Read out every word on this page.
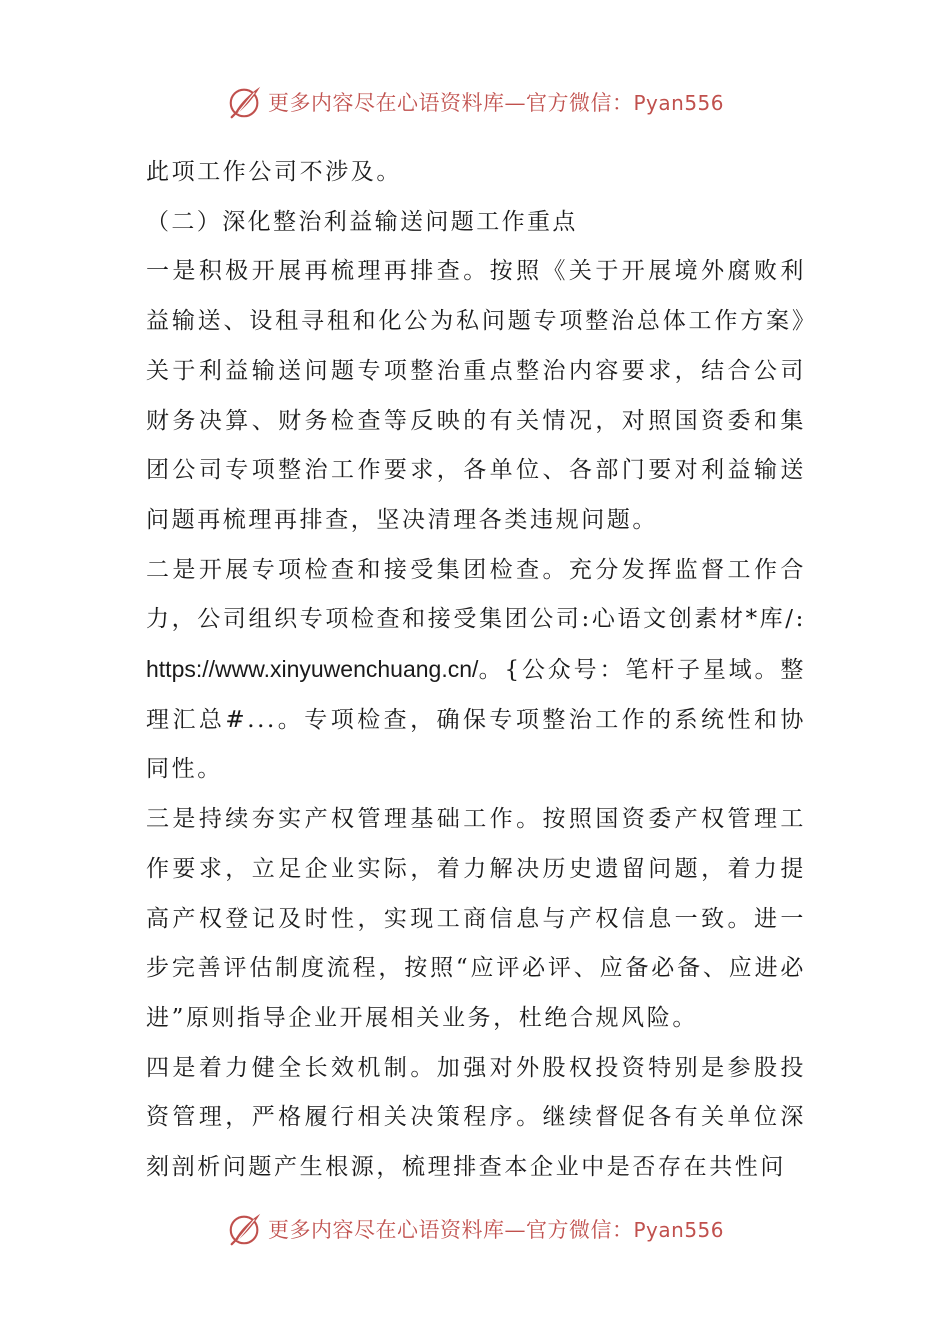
更多内容尽在心语资料库—官方微信：Pyan556

此项工作公司不涉及。

（二）深化整治利益输送问题工作重点

一是积极开展再梳理再排查。按照《关于开展境外腐败利益输送、设租寻租和化公为私问题专项整治总体工作方案》关于利益输送问题专项整治重点整治内容要求，结合公司财务决算、财务检查等反映的有关情况，对照国资委和集团公司专项整治工作要求，各单位、各部门要对利益输送问题再梳理再排查，坚决清理各类违规问题。

二是开展专项检查和接受集团检查。充分发挥监督工作合力，公司组织专项检查和接受集团公司:心语文创素材*库/:https://www.xinyuwenchuang.cn/。{公众号：笔杆子星域。整理汇总#...。专项检查，确保专项整治工作的系统性和协同性。

三是持续夯实产权管理基础工作。按照国资委产权管理工作要求，立足企业实际，着力解决历史遗留问题，着力提高产权登记及时性，实现工商信息与产权信息一致。进一步完善评估制度流程，按照“应评必评、应备必备、应进必进”原则指导企业开展相关业务，杜绝合规风险。

四是着力健全长效机制。加强对外股权投资特别是参股投资管理，严格履行相关决策程序。继续督促各有关单位深刻剖析问题产生根源，梳理排查本企业中是否存在共性问

更多内容尽在心语资料库—官方微信：Pyan556
